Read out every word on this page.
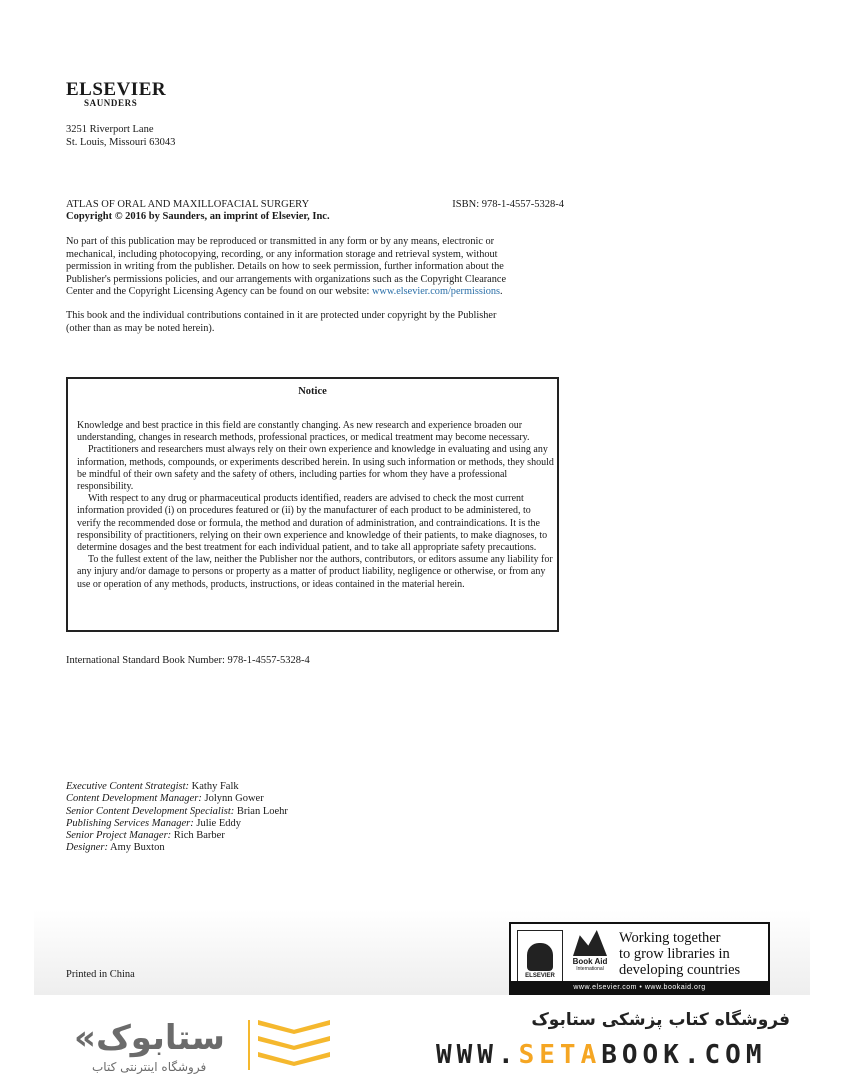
ELSEVIER
SAUNDERS
3251 Riverport Lane
St. Louis, Missouri 63043
ATLAS OF ORAL AND MAXILLOFACIAL SURGERY	ISBN: 978-1-4557-5328-4
Copyright © 2016 by Saunders, an imprint of Elsevier, Inc.
No part of this publication may be reproduced or transmitted in any form or by any means, electronic or
mechanical, including photocopying, recording, or any information storage and retrieval system, without
permission in writing from the publisher. Details on how to seek permission, further information about the
Publisher's permissions policies, and our arrangements with organizations such as the Copyright Clearance
Center and the Copyright Licensing Agency can be found on our website: www.elsevier.com/permissions.
This book and the individual contributions contained in it are protected under copyright by the Publisher
(other than as may be noted herein).
Notice

Knowledge and best practice in this field are constantly changing. As new research and experience broaden our understanding, changes in research methods, professional practices, or medical treatment may become necessary.

Practitioners and researchers must always rely on their own experience and knowledge in evaluating and using any information, methods, compounds, or experiments described herein. In using such information or methods, they should be mindful of their own safety and the safety of others, including parties for whom they have a professional responsibility.

With respect to any drug or pharmaceutical products identified, readers are advised to check the most current information provided (i) on procedures featured or (ii) by the manufacturer of each product to be administered, to verify the recommended dose or formula, the method and duration of administration, and contraindications. It is the responsibility of practitioners, relying on their own experience and knowledge of their patients, to make diagnoses, to determine dosages and the best treatment for each individual patient, and to take all appropriate safety precautions.

To the fullest extent of the law, neither the Publisher nor the authors, contributors, or editors assume any liability for any injury and/or damage to persons or property as a matter of product liability, negligence or otherwise, or from any use or operation of any methods, products, instructions, or ideas contained in the material herein.

International Standard Book Number: 978-1-4557-5328-4
Executive Content Strategist: Kathy Falk
Content Development Manager: Jolynn Gower
Senior Content Development Specialist: Brian Loehr
Publishing Services Manager: Julie Eddy
Senior Project Manager: Rich Barber
Designer: Amy Buxton
Printed in China	ELSEVIER
Book Aid
International
Working together
to grow libraries in
developing countries
www.elsevier.com • www.bookaid.org
«ستابوک
فروشگاه اینترنتی کتاب
فروشگاه کتاب پزشکی ستابوک
WWW.SETABOOK.COM
